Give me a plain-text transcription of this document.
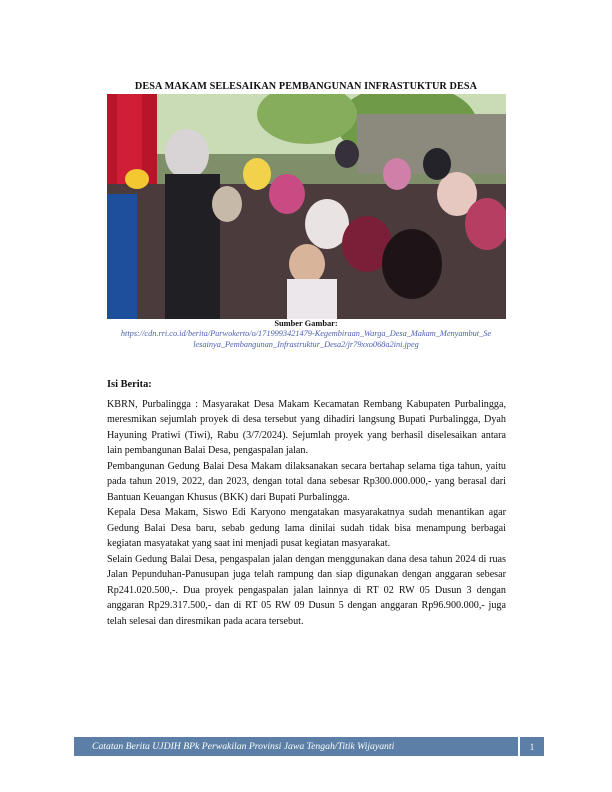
DESA MAKAM SELESAIKAN PEMBANGUNAN INFRASTUKTUR DESA
Sumber Gambar:
https://cdn.rri.co.id/berita/Purwokerto/o/1719993421479-Kegembiraan_Warga_Desa_Makam_Menyambut_Selesainya_Pembangunan_Infrastruktur_Desa2/jr79xxo068a2ini.jpeg
Isi Berita:

KBRN, Purbalingga : Masyarakat Desa Makam Kecamatan Rembang Kabupaten Purbalingga, meresmikan sejumlah proyek di desa tersebut yang dihadiri langsung Bupati Purbalingga, Dyah Hayuning Pratiwi (Tiwi), Rabu (3/7/2024). Sejumlah proyek yang berhasil diselesaikan antara lain pembangunan Balai Desa, pengaspalan jalan.

Pembangunan Gedung Balai Desa Makam dilaksanakan secara bertahap selama tiga tahun, yaitu pada tahun 2019, 2022, dan 2023, dengan total dana sebesar Rp300.000.000,- yang berasal dari Bantuan Keuangan Khusus (BKK) dari Bupati Purbalingga.

Kepala Desa Makam, Siswo Edi Karyono mengatakan masyarakatnya sudah menantikan agar Gedung Balai Desa baru, sebab gedung lama dinilai sudah tidak bisa menampung berbagai kegiatan masyatakat yang saat ini menjadi pusat kegiatan masyarakat.

Selain Gedung Balai Desa, pengaspalan jalan dengan menggunakan dana desa tahun 2024 di ruas Jalan Pepunduhan-Panusupan juga telah rampung dan siap digunakan dengan anggaran sebesar Rp241.020.500,-. Dua proyek pengaspalan jalan lainnya di RT 02 RW 05 Dusun 3 dengan anggaran Rp29.317.500,- dan di RT 05 RW 09 Dusun 5 dengan anggaran Rp96.900.000,- juga telah selesai dan diresmikan pada acara tersebut.

Catatan Berita UJDIH BPk Perwakilan Provinsi Jawa Tengah/Titik Wijayanti	1
